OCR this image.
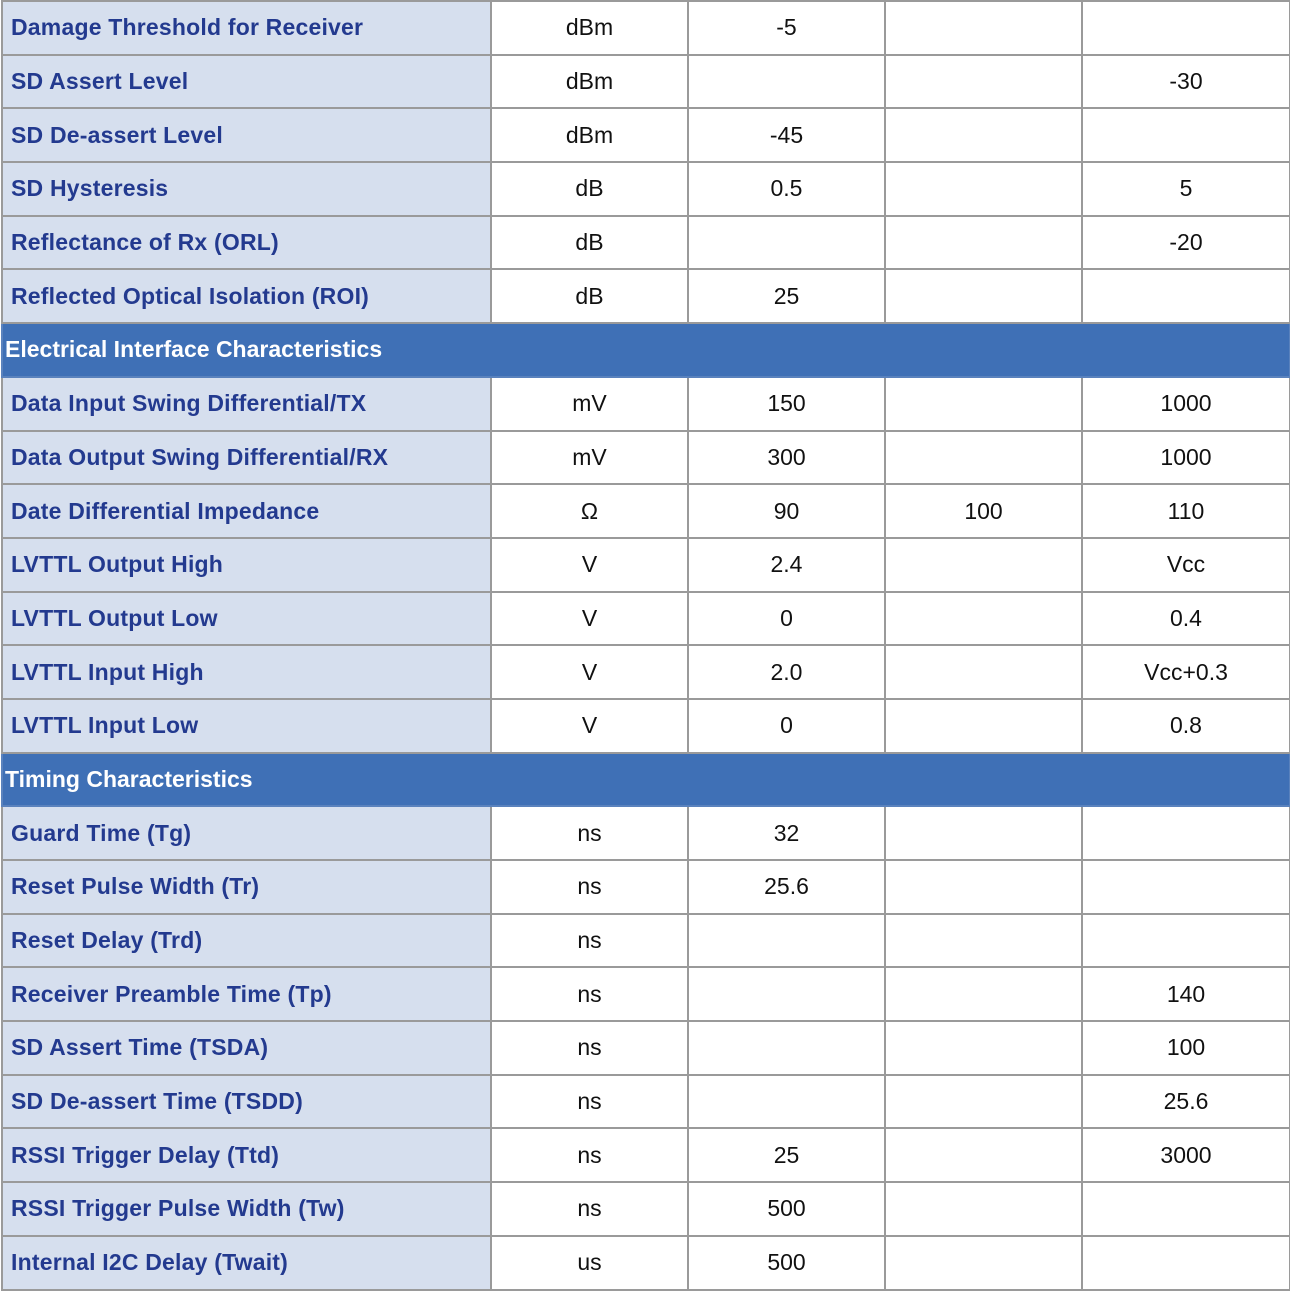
Damage Threshold for Receiver	dBm	-5		
SD Assert Level	dBm			-30
SD De-assert Level	dBm	-45		
SD Hysteresis	dB	0.5		5
Reflectance of Rx (ORL)	dB			-20
Reflected Optical Isolation (ROI)	dB	25		
Electrical Interface Characteristics				
Data Input Swing Differential/TX	mV	150		1000
Data Output Swing Differential/RX	mV	300		1000
Date Differential Impedance	Ω	90	100	110
LVTTL Output High	V	2.4		Vcc
LVTTL Output Low	V	0		0.4
LVTTL Input High	V	2.0		Vcc+0.3
LVTTL Input Low	V	0		0.8
Timing Characteristics				
Guard Time (Tg)	ns	32		
Reset Pulse Width (Tr)	ns	25.6		
Reset Delay (Trd)	ns			
Receiver Preamble Time (Tp)	ns			140
SD Assert Time (TSDA)	ns			100
SD De-assert Time (TSDD)	ns			25.6
RSSI Trigger Delay (Ttd)	ns	25		3000
RSSI Trigger Pulse Width (Tw)	ns	500		
Internal I2C Delay (Twait)	us	500		
